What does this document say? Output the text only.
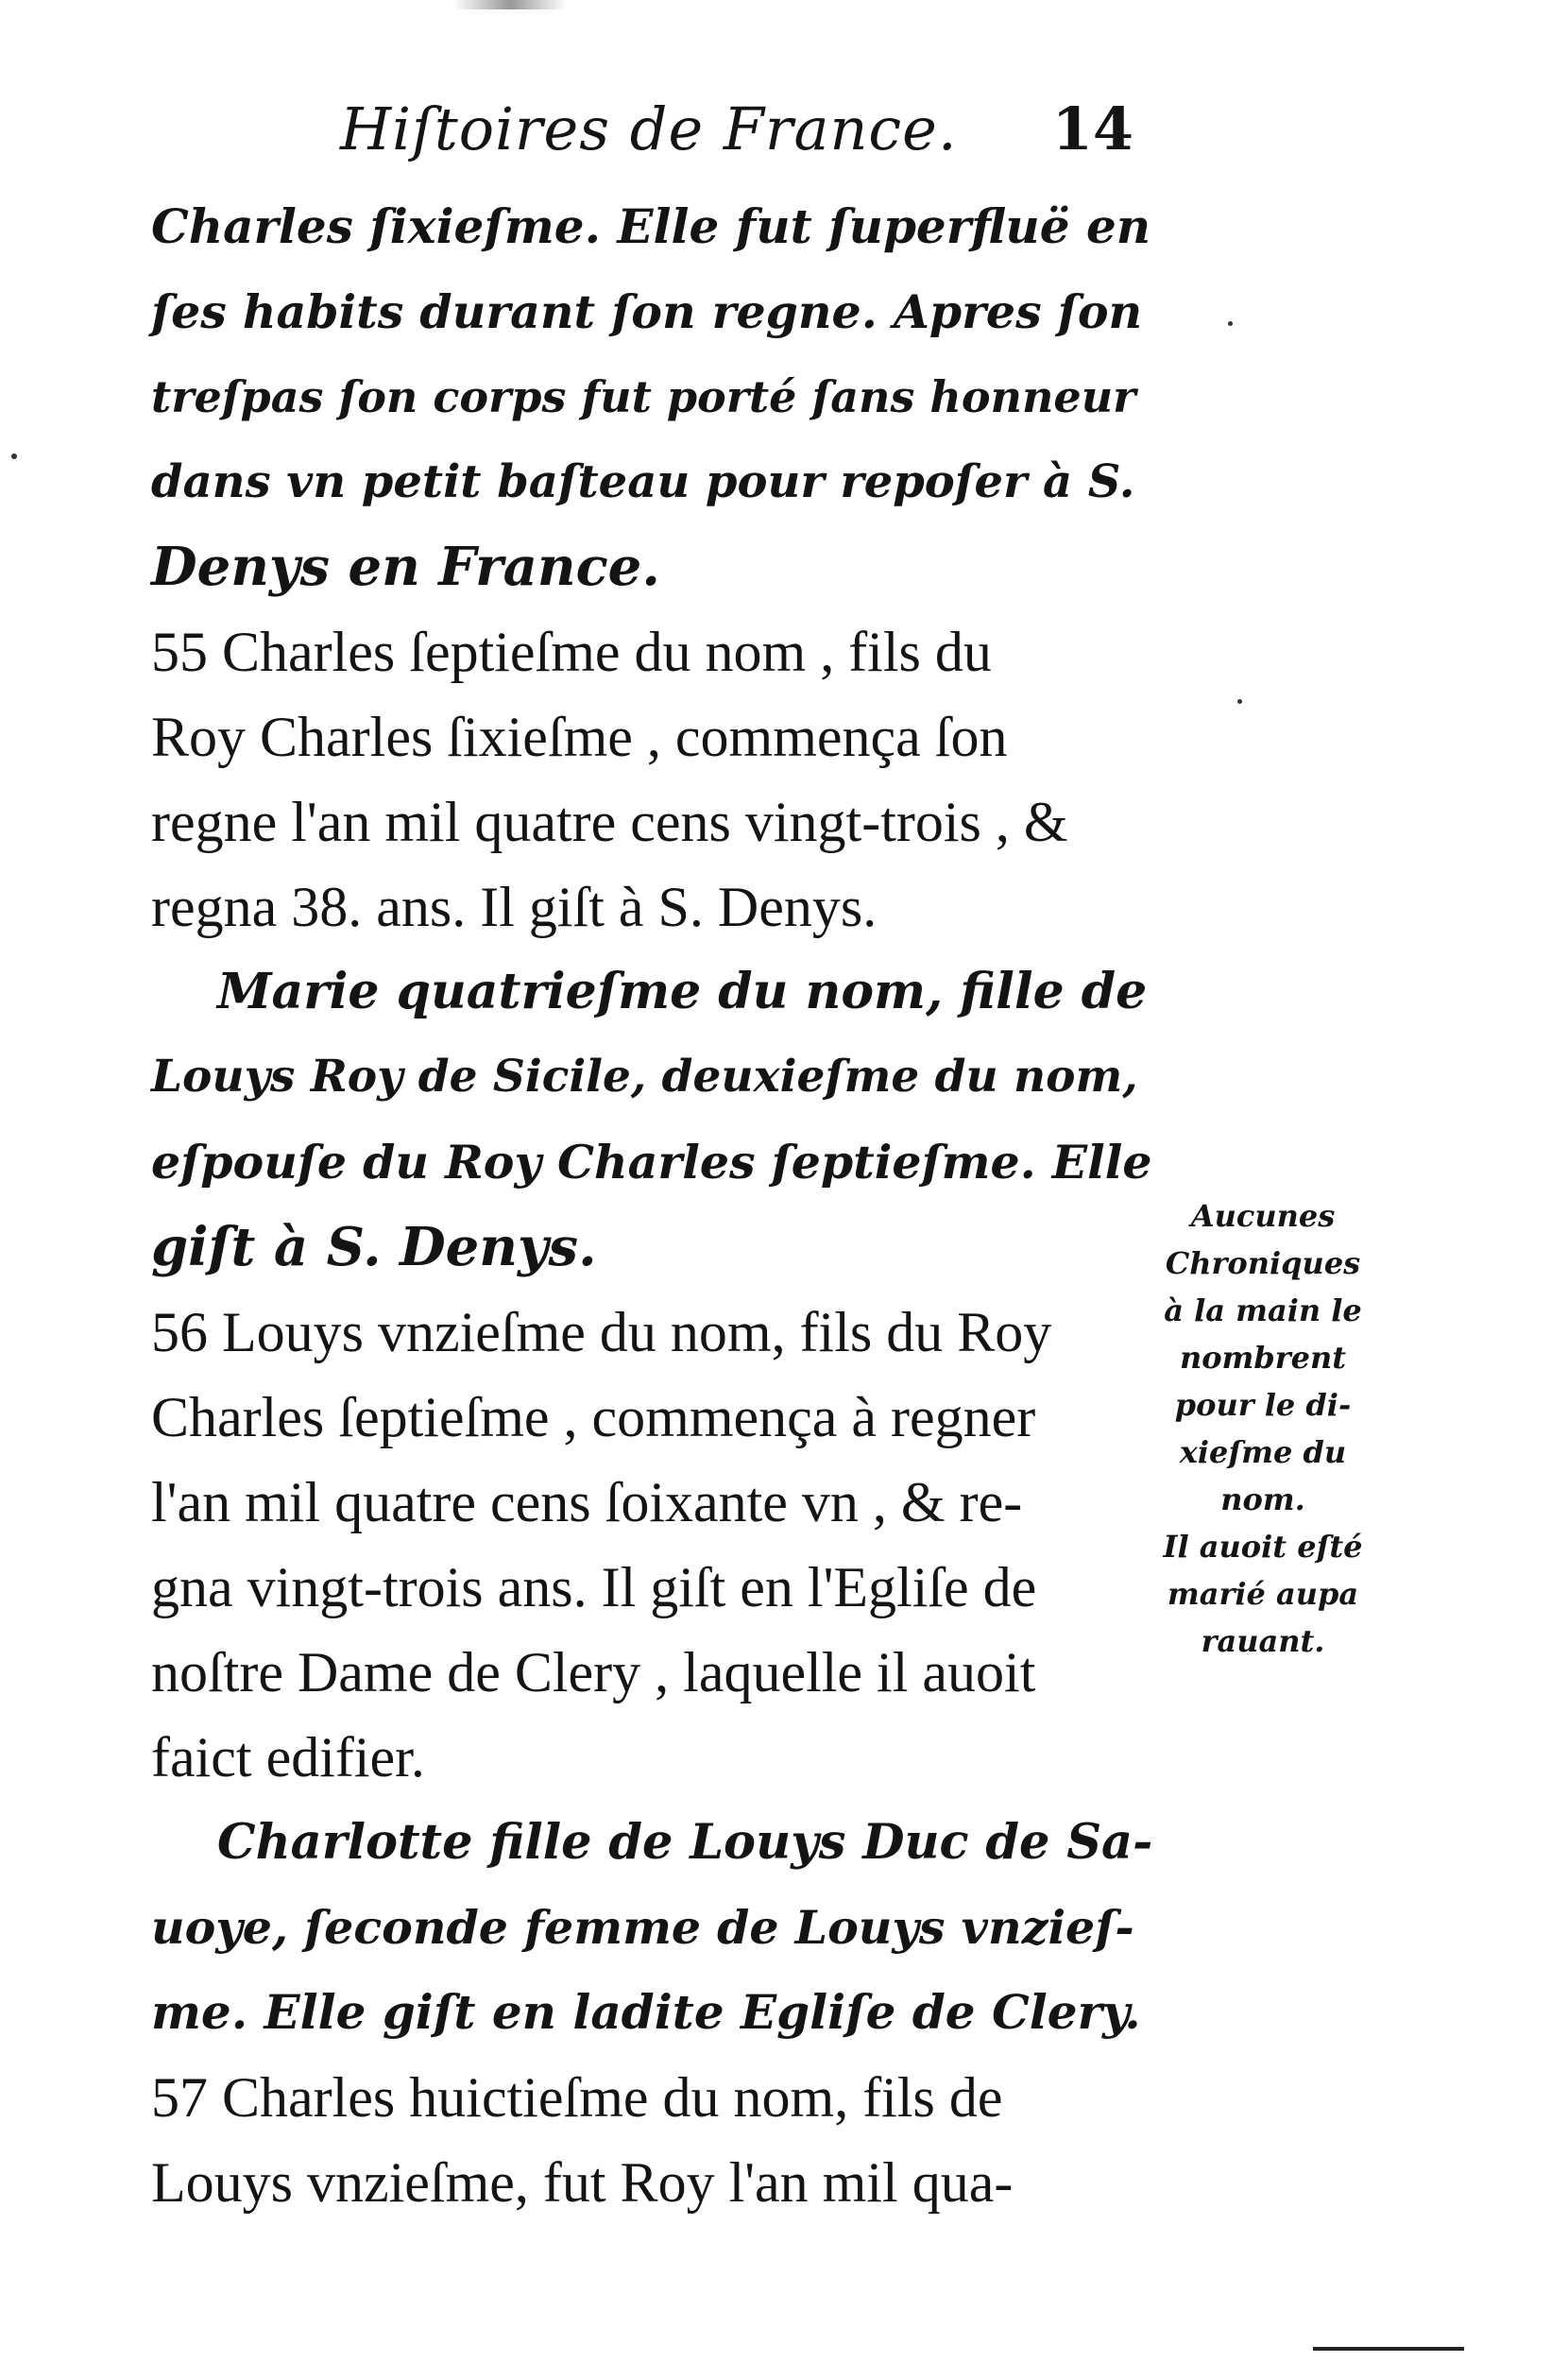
Hiſtoires de France. 14
Charles ſixieſme. Elle fut ſuperfluë en
ſes habits durant ſon regne. Apres ſon
treſpas ſon corps fut porté ſans honneur
dans vn petit baſteau pour repoſer à S.
Denys en France.
55 Charles ſeptieſme du nom , fils du
Roy Charles ſixieſme , commença ſon
regne l'an mil quatre cens vingt-trois , &
regna 38. ans. Il giſt à S. Denys.
Marie quatrieſme du nom, fille de
Louys Roy de Sicile, deuxieſme du nom,
eſpouſe du Roy Charles ſeptieſme. Elle
giſt à S. Denys.
56 Louys vnzieſme du nom, fils du Roy
Charles ſeptieſme , commença à regner
l'an mil quatre cens ſoixante vn , & re-
gna vingt-trois ans. Il giſt en l'Egliſe de
noſtre Dame de Clery , laquelle il auoit
faict edifier.
Charlotte fille de Louys Duc de Sa-
uoye, ſeconde femme de Louys vnzieſ-
me. Elle giſt en ladite Egliſe de Clery.
57 Charles huictieſme du nom, fils de
Louys vnzieſme, fut Roy l'an mil qua-
Aucunes
Chroniques
à la main le
nombrent
pour le di-
xieſme du
nom.
Il auoit eſté
marié aupa
rauant.
